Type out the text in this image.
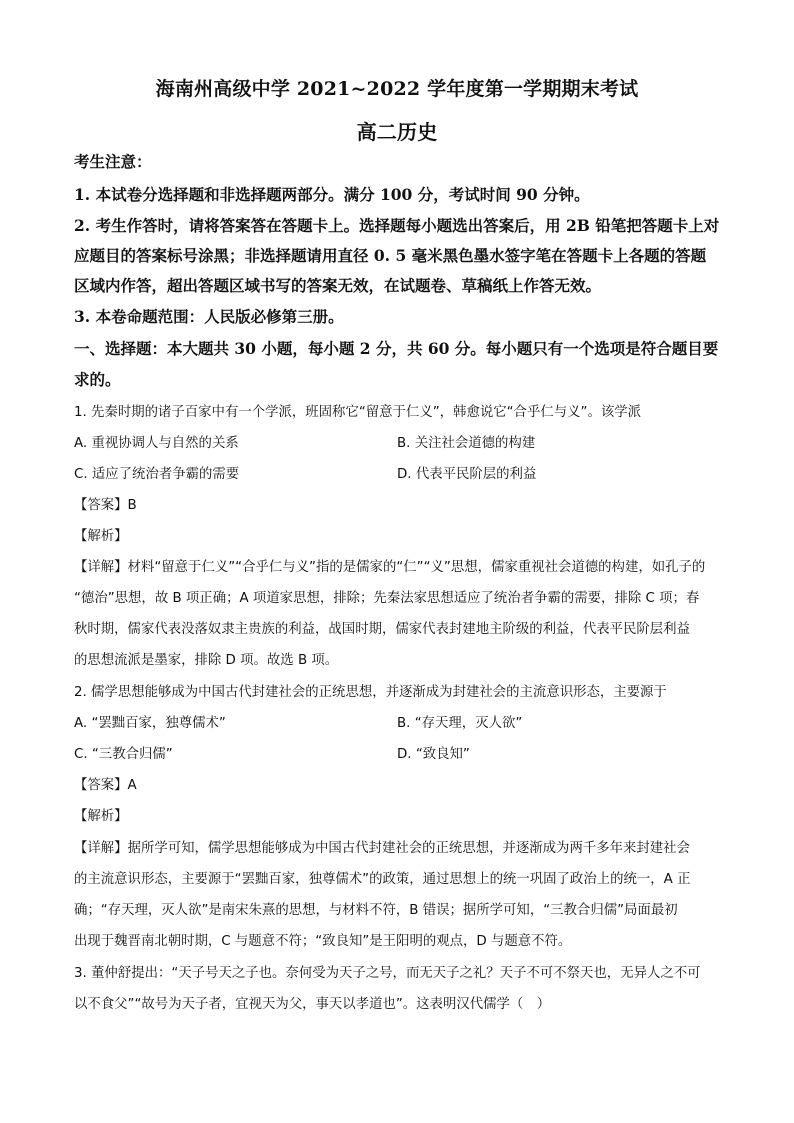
海南州高级中学 2021~2022 学年度第一学期期末考试
高二历史
考生注意：
1. 本试卷分选择题和非选择题两部分。满分 100 分，考试时间 90 分钟。
2. 考生作答时，请将答案答在答题卡上。选择题每小题选出答案后，用 2B 铅笔把答题卡上对
应题目的答案标号涂黑；非选择题请用直径 0. 5 毫米黑色墨水签字笔在答题卡上各题的答题
区域内作答，超出答题区域书写的答案无效，在试题卷、草稿纸上作答无效。
3. 本卷命题范围：人民版必修第三册。
一、选择题：本大题共 30 小题，每小题 2 分，共 60 分。每小题只有一个选项是符合题目要
求的。
1. 先秦时期的诸子百家中有一个学派，班固称它“留意于仁义”，韩愈说它“合乎仁与义”。该学派
A. 重视协调人与自然的关系	B. 关注社会道德的构建
C. 适应了统治者争霸的需要	D. 代表平民阶层的利益
【答案】B
【解析】
【详解】材料“留意于仁义”“合乎仁与义”指的是儒家的“仁”“义”思想，儒家重视社会道德的构建，如孔子的
“德治”思想，故 B 项正确；A 项道家思想，排除；先秦法家思想适应了统治者争霸的需要，排除 C 项；春
秋时期，儒家代表没落奴隶主贵族的利益，战国时期，儒家代表封建地主阶级的利益，代表平民阶层利益
的思想流派是墨家，排除 D 项。故选 B 项。
2. 儒学思想能够成为中国古代封建社会的正统思想，并逐渐成为封建社会的主流意识形态，主要源于
A. “罢黜百家，独尊儒术”	B. “存天理，灭人欲”
C. “三教合归儒”	D. “致良知”
【答案】A
【解析】
【详解】据所学可知，儒学思想能够成为中国古代封建社会的正统思想，并逐渐成为两千多年来封建社会
的主流意识形态，主要源于“罢黜百家，独尊儒术”的政策，通过思想上的统一巩固了政治上的统一，A 正
确；“存天理，灭人欲”是南宋朱熹的思想，与材料不符，B 错误；据所学可知，“三教合归儒”局面最初
出现于魏晋南北朝时期，C 与题意不符；“致良知”是王阳明的观点，D 与题意不符。
3. 董仲舒提出：“天子号天之子也。奈何受为天子之号，而无天子之礼？天子不可不祭天也，无异人之不可
以不食父”“故号为天子者，宜视天为父，事天以孝道也”。这表明汉代儒学（　）
